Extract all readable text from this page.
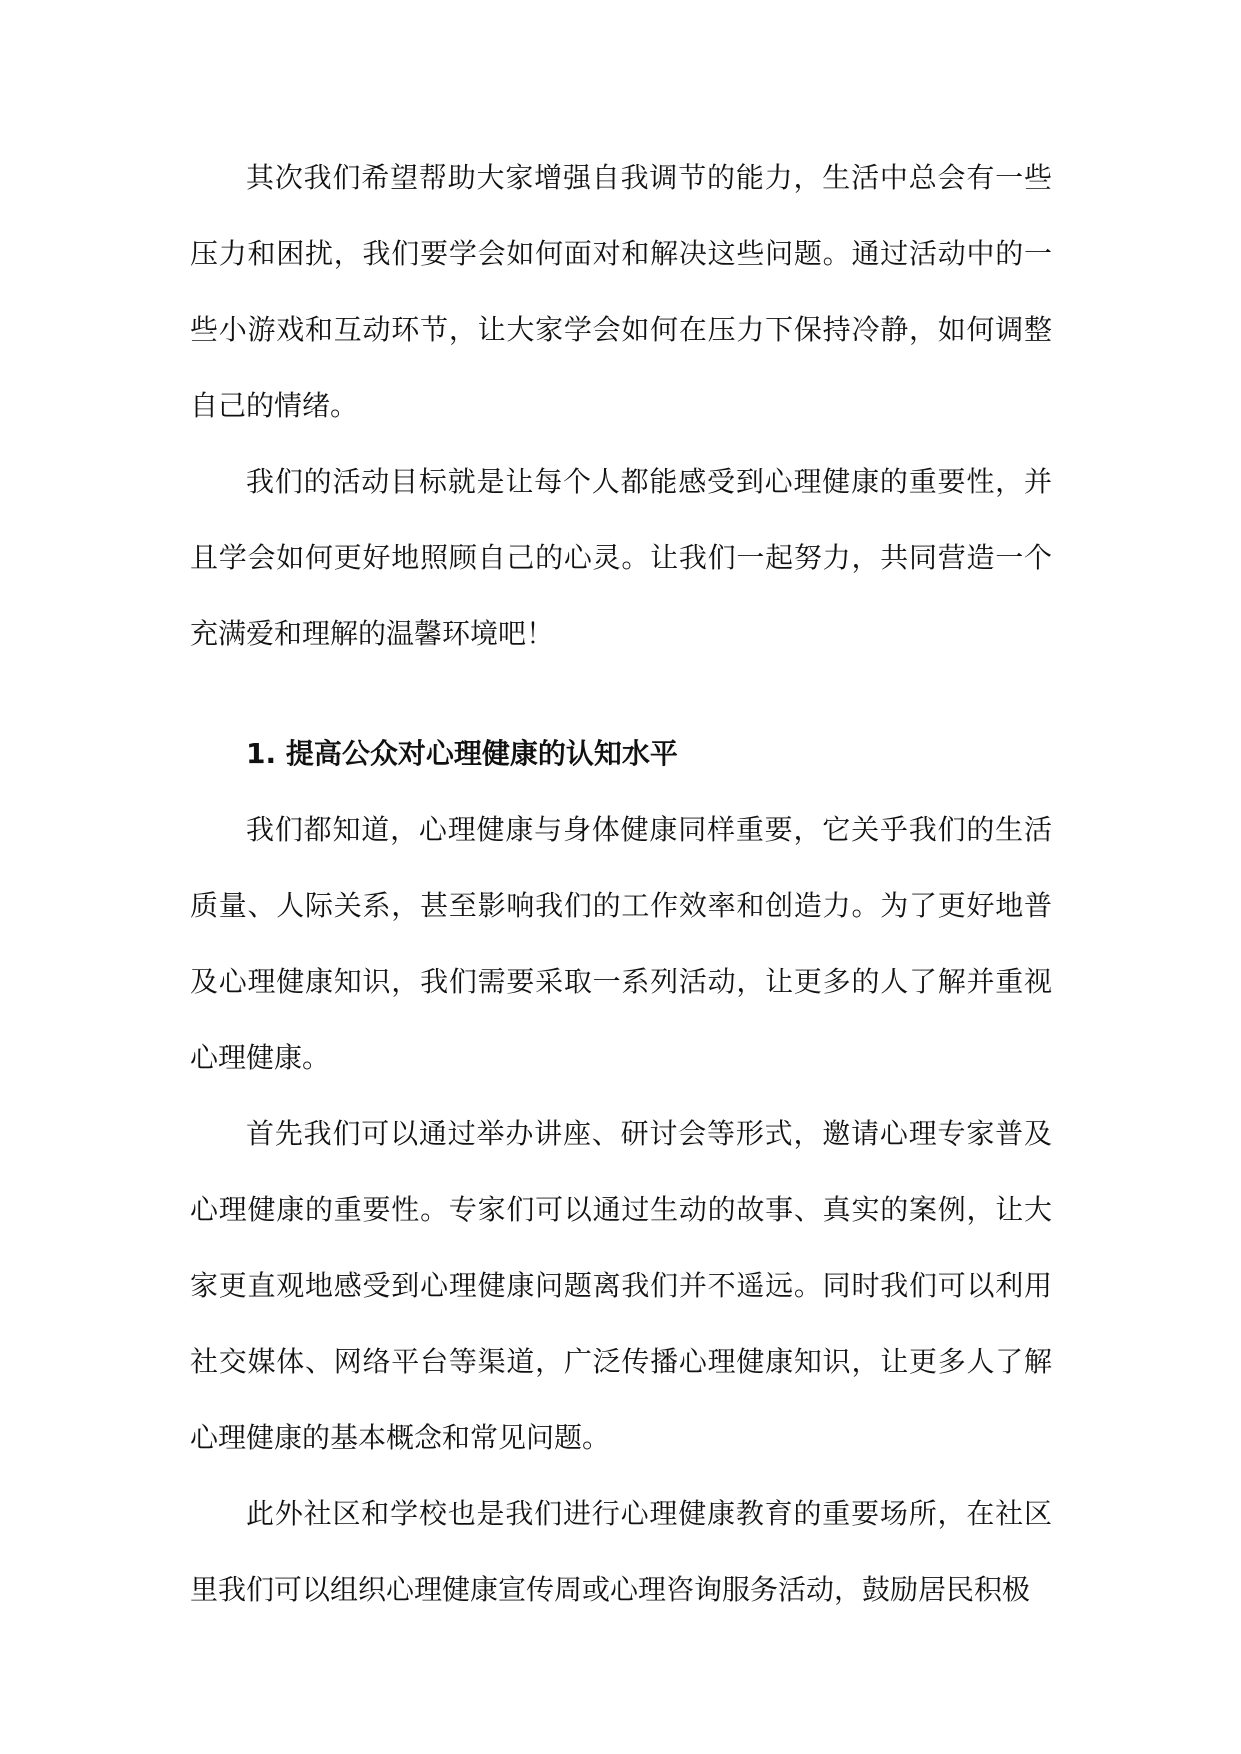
其次我们希望帮助大家增强自我调节的能力，生活中总会有一些压力和困扰，我们要学会如何面对和解决这些问题。通过活动中的一些小游戏和互动环节，让大家学会如何在压力下保持冷静，如何调整自己的情绪。

我们的活动目标就是让每个人都能感受到心理健康的重要性，并且学会如何更好地照顾自己的心灵。让我们一起努力，共同营造一个充满爱和理解的温馨环境吧！

1. 提高公众对心理健康的认知水平

我们都知道，心理健康与身体健康同样重要，它关乎我们的生活质量、人际关系，甚至影响我们的工作效率和创造力。为了更好地普及心理健康知识，我们需要采取一系列活动，让更多的人了解并重视心理健康。

首先我们可以通过举办讲座、研讨会等形式，邀请心理专家普及心理健康的重要性。专家们可以通过生动的故事、真实的案例，让大家更直观地感受到心理健康问题离我们并不遥远。同时我们可以利用社交媒体、网络平台等渠道，广泛传播心理健康知识，让更多人了解心理健康的基本概念和常见问题。

此外社区和学校也是我们进行心理健康教育的重要场所，在社区里我们可以组织心理健康宣传周或心理咨询服务活动，鼓励居民积极
